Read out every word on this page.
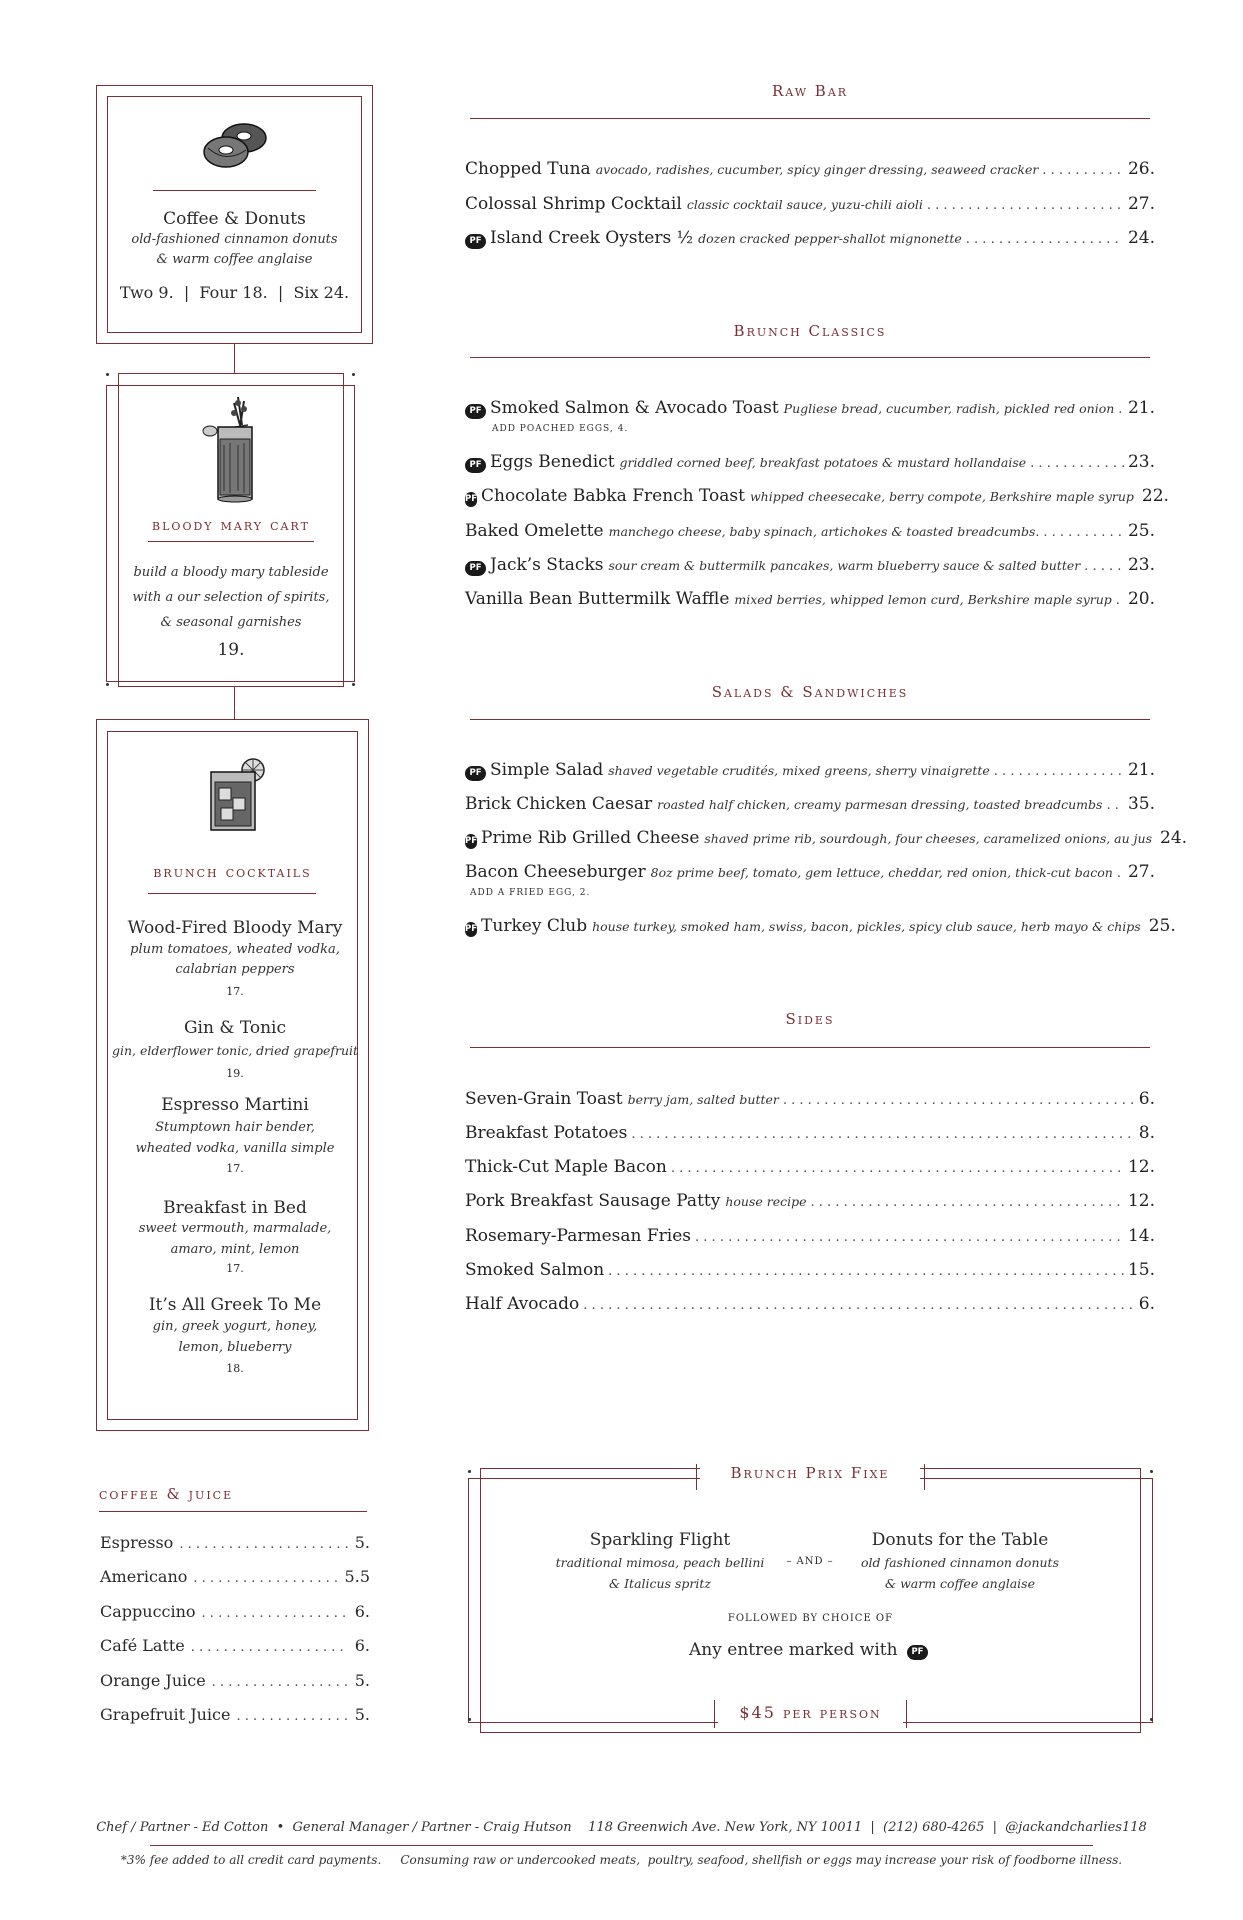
Coffee & Donuts
old-fashioned cinnamon donuts
& warm coffee anglaise
Two 9.  |  Four 18.  |  Six 24.
bloody mary cart
build a bloody mary tableside
with a our selection of spirits,
& seasonal garnishes
19.
brunch cocktails
Wood-Fired Bloody Mary
plum tomatoes, wheated vodka,
calabrian peppers
17.
Gin & Tonic
gin, elderflower tonic, dried grapefruit
19.
Espresso Martini
Stumptown hair bender,
wheated vodka, vanilla simple
17.
Breakfast in Bed
sweet vermouth, marmalade,
amaro, mint, lemon
17.
It’s All Greek To Me
gin, greek yogurt, honey,
lemon, blueberry
18.
coffee & juice
Espresso . . .	5.
Americano . . .	5.5
Cappuccino . . .	6.
Café Latte . . .	6.
Orange Juice . . .	5.
Grapefruit Juice . . .	5.
Raw Bar
Chopped Tuna avocado, radishes, cucumber, spicy ginger dressing, seaweed cracker . . .	26.
Colossal Shrimp Cocktail classic cocktail sauce, yuzu-chili aioli . . .	27.
PF Island Creek Oysters ½ dozen cracked pepper-shallot mignonette . . .	24.
Brunch Classics
PF Smoked Salmon & Avocado Toast Pugliese bread, cucumber, radish, pickled red onion . . . 21.
ADD POACHED EGGS, 4.
PF Eggs Benedict griddled corned beef, breakfast potatoes & mustard hollandaise . . .	23.
PF Chocolate Babka French Toast whipped cheesecake, berry compote, Berkshire maple syrup 22.
Baked Omelette manchego cheese, baby spinach, artichokes & toasted breadcumbs. . . .	25.
PF Jack’s Stacks sour cream & buttermilk pancakes, warm blueberry sauce & salted butter . . .	23.
Vanilla Bean Buttermilk Waffle mixed berries, whipped lemon curd, Berkshire maple syrup . . . 20.
Salads & Sandwiches
PF Simple Salad shaved vegetable crudités, mixed greens, sherry vinaigrette . . .	21.
Brick Chicken Caesar roasted half chicken, creamy parmesan dressing, toasted breadcumbs . . . 35.
PF Prime Rib Grilled Cheese shaved prime rib, sourdough, four cheeses, caramelized onions, au jus 24.
Bacon Cheeseburger 8oz prime beef, tomato, gem lettuce, cheddar, red onion, thick-cut bacon . . . 27.
ADD A FRIED EGG, 2.
PF Turkey Club house turkey, smoked ham, swiss, bacon, pickles, spicy club sauce, herb mayo & chips 25.
Sides
Seven-Grain Toast berry jam, salted butter . . .	6.
Breakfast Potatoes . . .	8.
Thick-Cut Maple Bacon . . .	12.
Pork Breakfast Sausage Patty house recipe . . .	12.
Rosemary-Parmesan Fries . . .	14.
Smoked Salmon . . .	15.
Half Avocado . . .	6.
Brunch Prix Fixe
Sparkling Flight
traditional mimosa, peach bellini
& Italicus spritz
– AND –
Donuts for the Table
old fashioned cinnamon donuts
& warm coffee anglaise
FOLLOWED BY CHOICE OF
Any entree marked with PF
$45 per person
Chef / Partner - Ed Cotton  •  General Manager / Partner - Craig Hutson    118 Greenwich Ave. New York, NY 10011  |  (212) 680-4265  |  @jackandcharlies118
*3% fee added to all credit card payments.     Consuming raw or undercooked meats,  poultry, seafood, shellfish or eggs may increase your risk of foodborne illness.
